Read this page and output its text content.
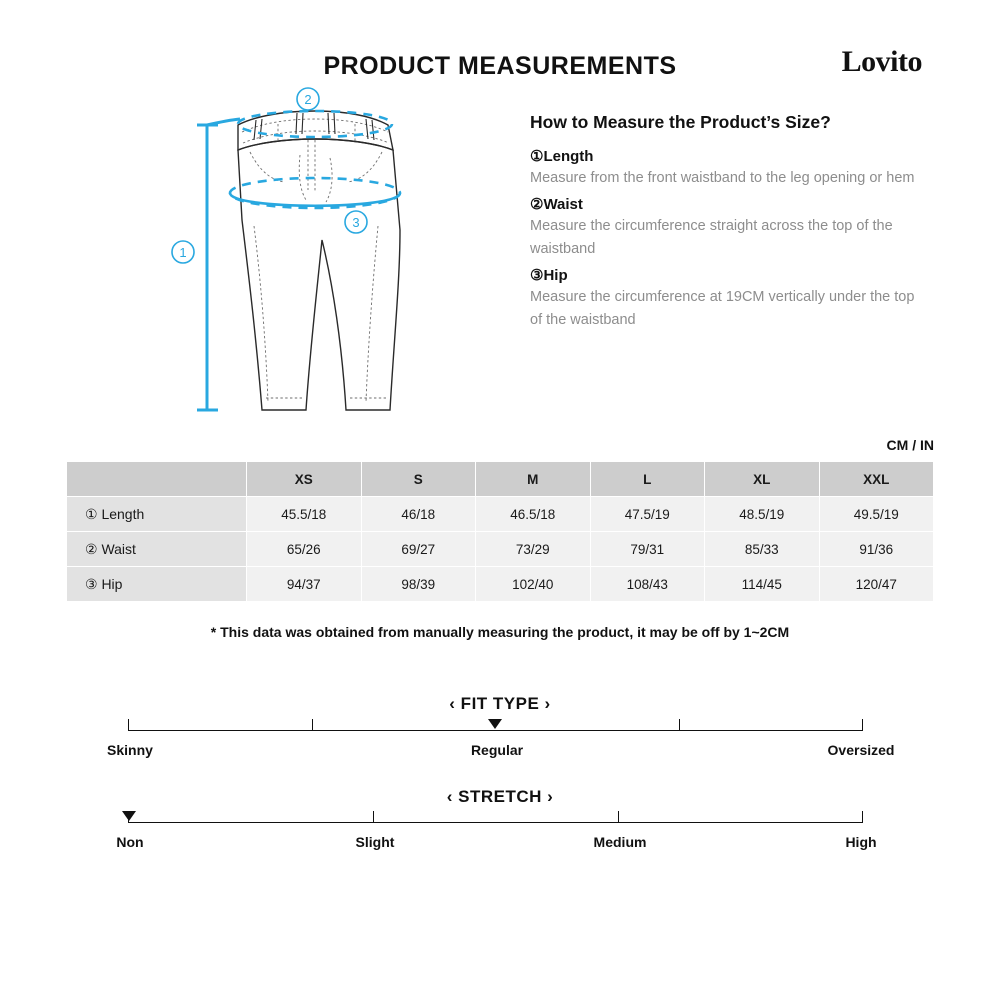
PRODUCT MEASUREMENTS	Lovito
2
3
1
How to Measure the Product’s Size?
①Length
Measure from the front waistband to the leg opening or hem
②Waist
Measure the circumference straight across the top of the waistband
③Hip
Measure the circumference at 19CM vertically under the top of the waistband
CM / IN
	XS	S	M	L	XL	XXL
① Length	45.5/18	46/18	46.5/18	47.5/19	48.5/19	49.5/19
② Waist	65/26	69/27	73/29	79/31	85/33	91/36
③ Hip	94/37	98/39	102/40	108/43	114/45	120/47
* This data was obtained from manually measuring the product, it may be off by 1~2CM
‹ FIT TYPE ›
Skinny	Regular	Oversized
‹ STRETCH ›
Non	Slight	Medium	High
